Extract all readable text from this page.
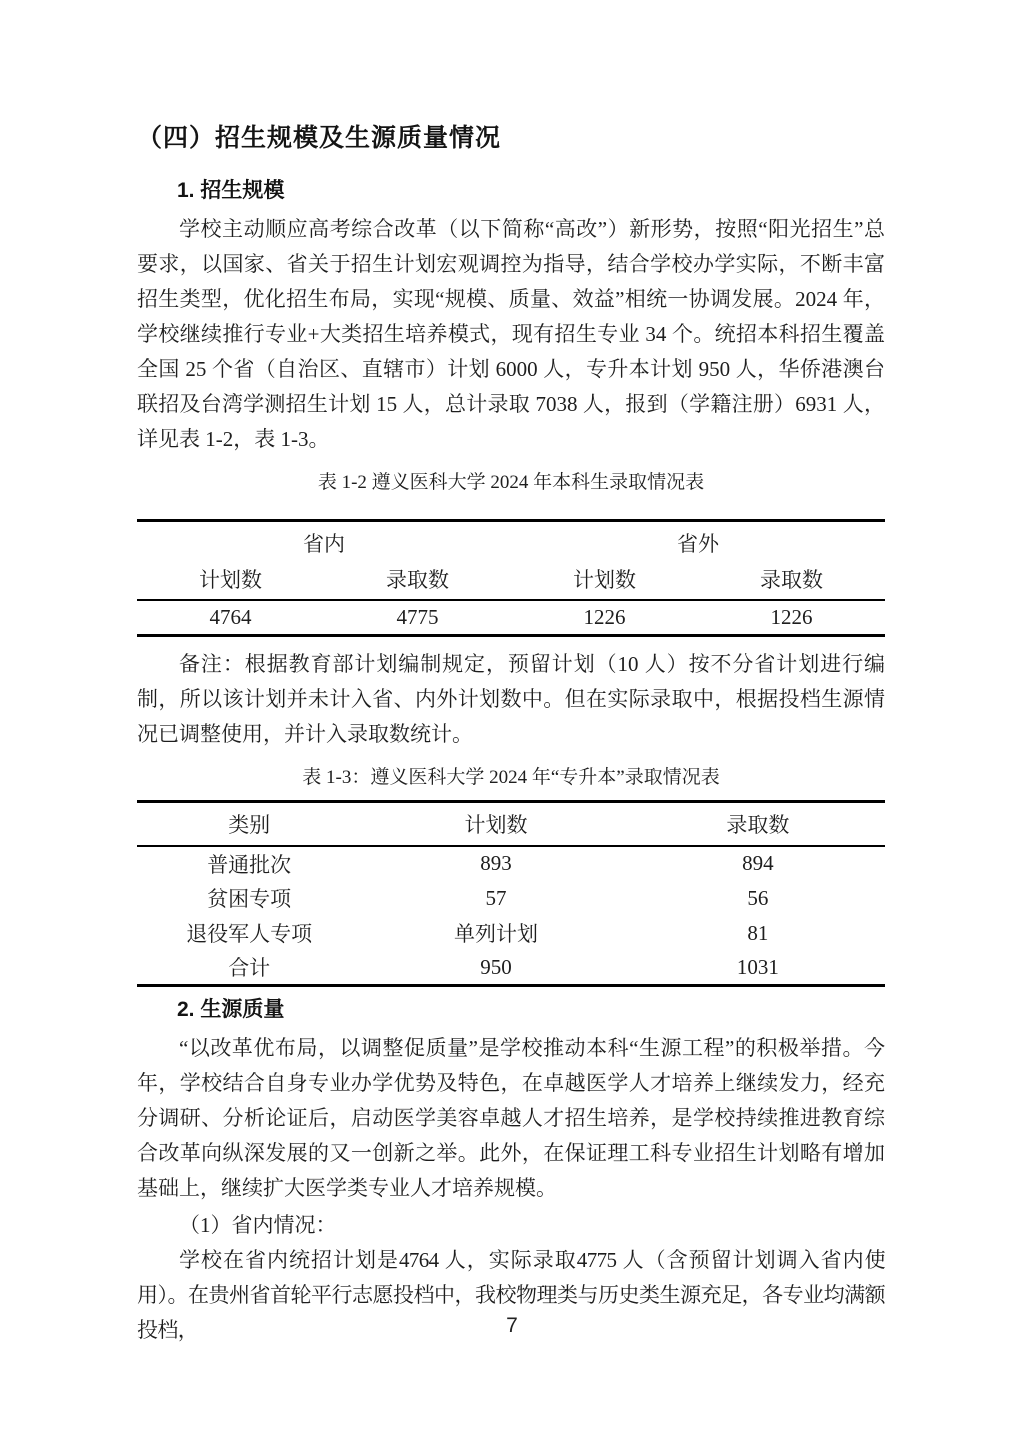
（四）招生规模及生源质量情况
1. 招生规模

学校主动顺应高考综合改革（以下简称“高改”）新形势，按照“阳光招生”总要求，以国家、省关于招生计划宏观调控为指导，结合学校办学实际，不断丰富招生类型，优化招生布局，实现“规模、质量、效益”相统一协调发展。2024 年，学校继续推行专业+大类招生培养模式，现有招生专业 34 个。统招本科招生覆盖全国 25 个省（自治区、直辖市）计划 6000 人，专升本计划 950 人，华侨港澳台联招及台湾学测招生计划 15 人，总计录取 7038 人，报到（学籍注册）6931 人，详见表 1-2，表 1-3。

表 1-2 遵义医科大学 2024 年本科生录取情况表
省内		省外	
计划数	录取数	计划数	录取数
4764	4775	1226	1226

备注：根据教育部计划编制规定，预留计划（10 人）按不分省计划进行编制，所以该计划并未计入省、内外计划数中。但在实际录取中，根据投档生源情况已调整使用，并计入录取数统计。

表 1-3：遵义医科大学 2024 年“专升本”录取情况表
类别	计划数	录取数
普通批次	893	894
贫困专项	57	56
退役军人专项	单列计划	81
合计	950	1031
2. 生源质量

“以改革优布局，以调整促质量”是学校推动本科“生源工程”的积极举措。今年，学校结合自身专业办学优势及特色，在卓越医学人才培养上继续发力，经充分调研、分析论证后，启动医学美容卓越人才招生培养，是学校持续推进教育综合改革向纵深发展的又一创新之举。此外，在保证理工科专业招生计划略有增加基础上，继续扩大医学类专业人才培养规模。

（1）省内情况：

学校在省内统招计划是4764 人，实际录取4775 人（含预留计划调入省内使用）。在贵州省首轮平行志愿投档中，我校物理类与历史类生源充足，各专业均满额投档，	7
